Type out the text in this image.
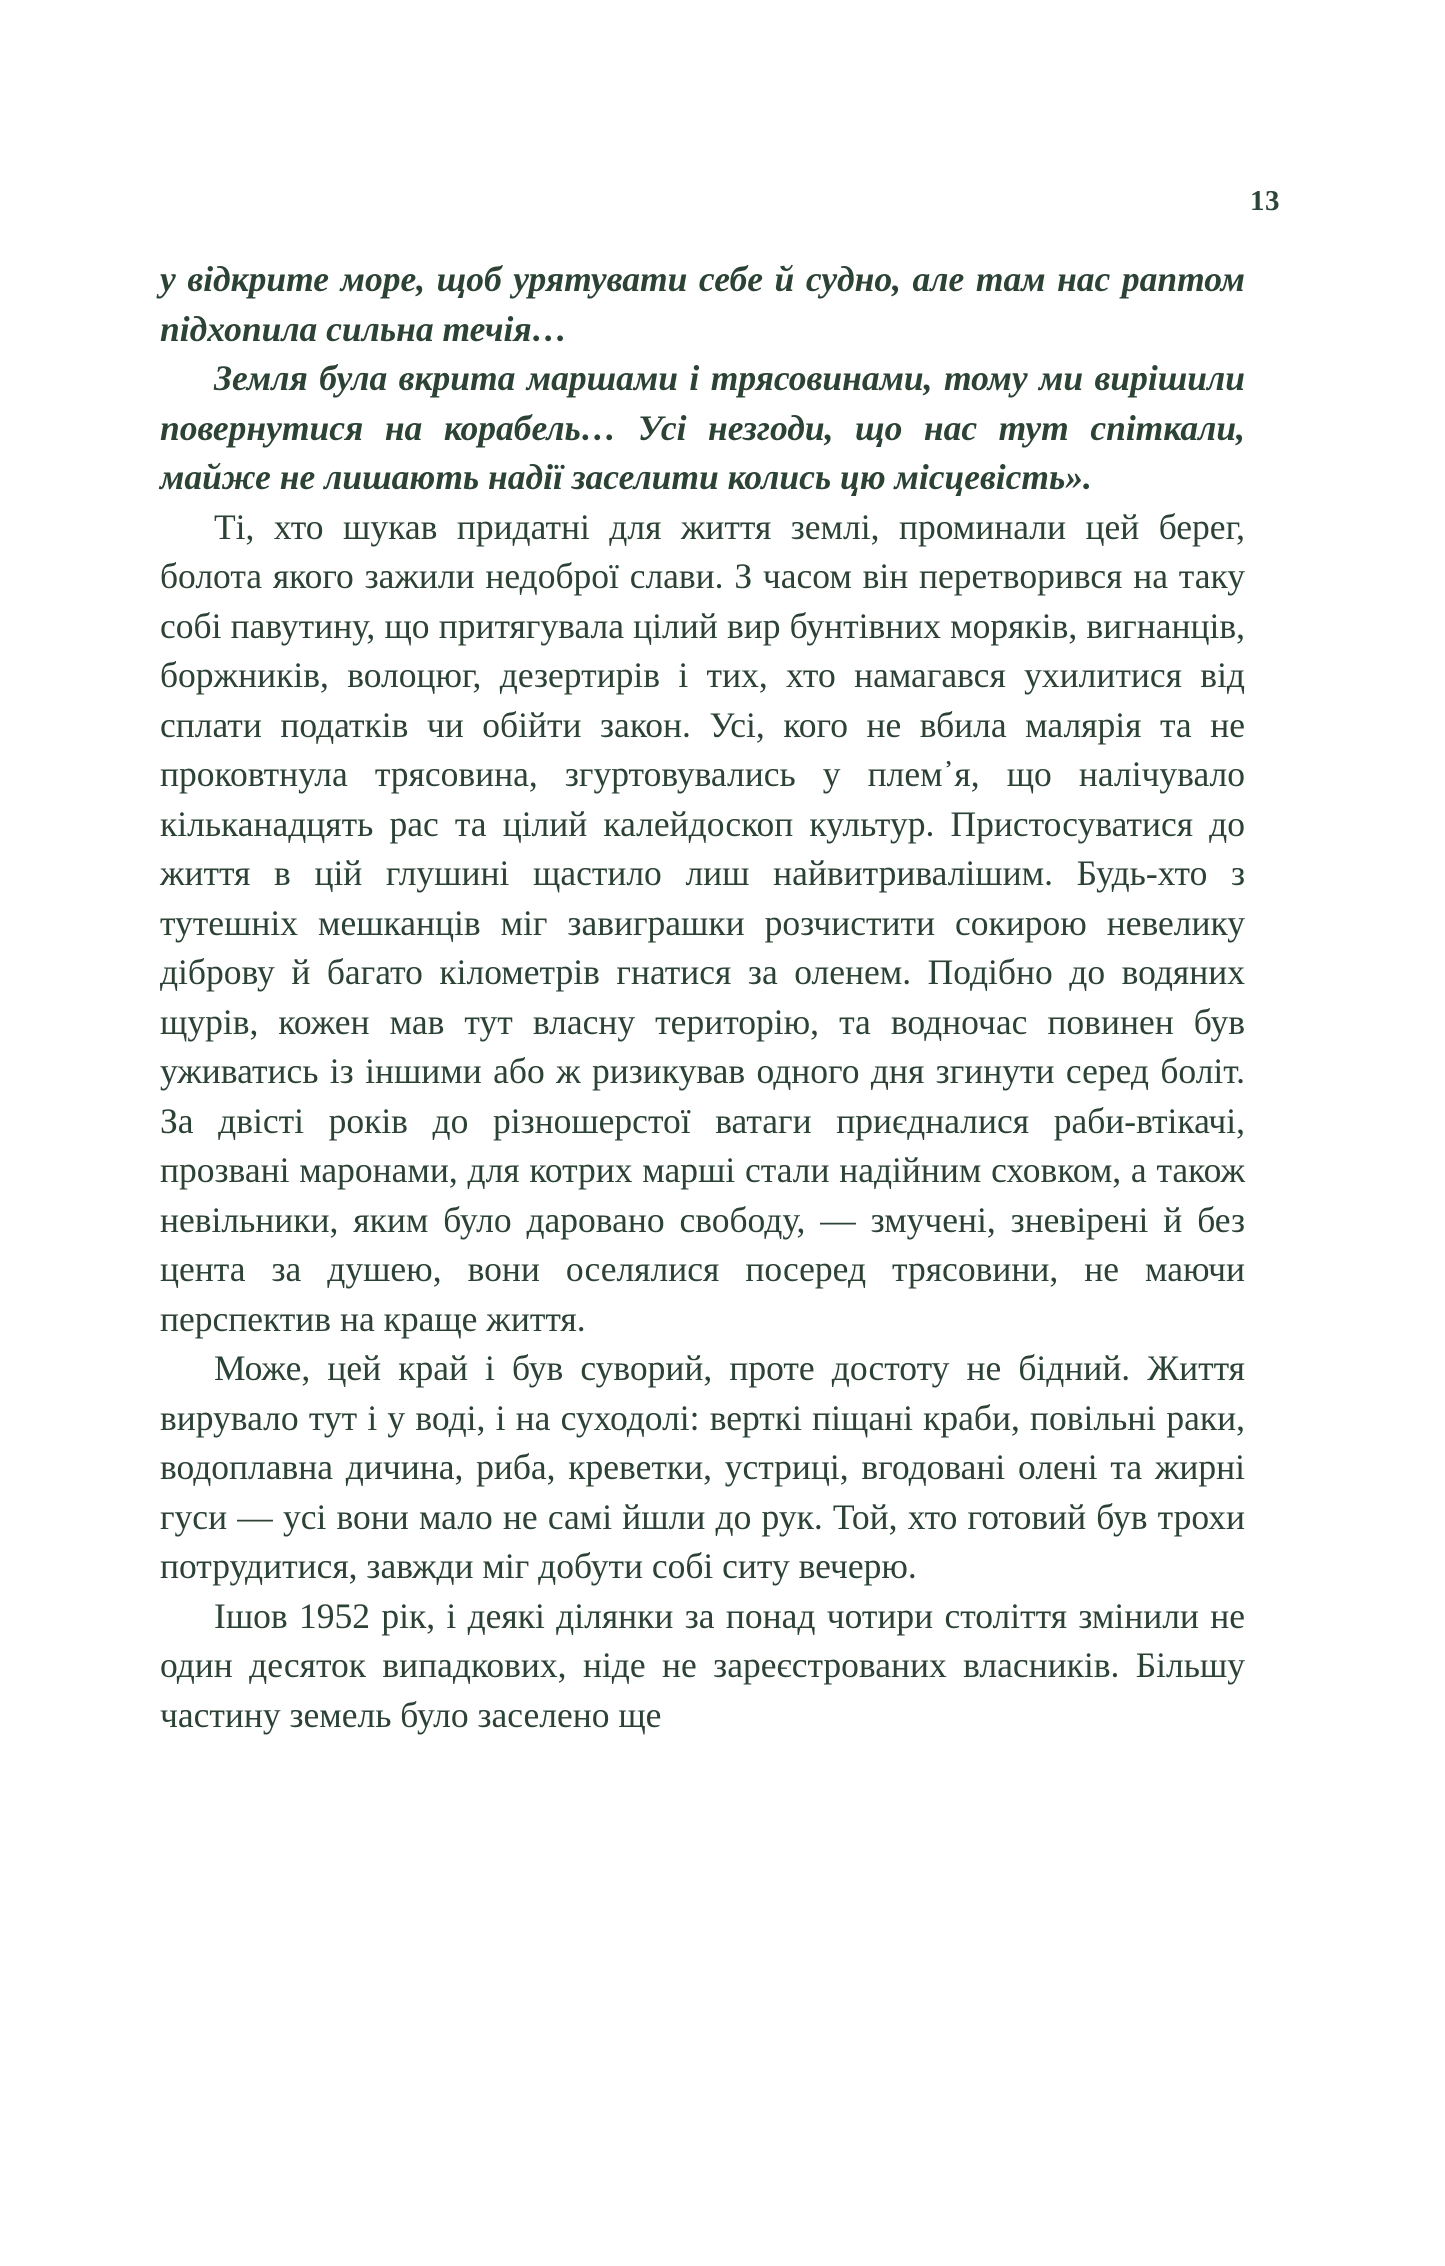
13

у відкрите море, щоб урятувати себе й судно, але там нас раптом підхопила сильна течія…

Земля була вкрита маршами і трясовинами, тому ми вирішили повернутися на корабель… Усі незгоди, що нас тут спіткали, майже не лишають надії заселити колись цю місцевість».

Ті, хто шукав придатні для життя землі, проминали цей берег, болота якого зажили недоброї слави. З часом він перетворився на таку собі павутину, що притягувала цілий вир бунтівних моряків, вигнанців, боржників, волоцюг, дезертирів і тих, хто намагався ухилитися від сплати податків чи обійти закон. Усі, кого не вбила малярія та не проковтнула трясовина, згуртовувались у плем᾽я, що налічувало кільканадцять рас та цілий калейдоскоп культур. Пристосуватися до життя в цій глушині щастило лиш найвитривалішим. Будь-хто з тутешніх мешканців міг завиграшки розчистити сокирою невелику діброву й багато кілометрів гнатися за оленем. Подібно до водяних щурів, кожен мав тут власну територію, та водночас повинен був уживатись із іншими або ж ризикував одного дня згинути серед боліт. За двісті років до різношерстої ватаги приєдналися раби-втікачі, прозвані маронами, для котрих марші стали надійним сховком, а також невільники, яким було даровано свободу, — змучені, зневірені й без цента за душею, вони оселялися посеред трясовини, не маючи перспектив на краще життя.

Може, цей край і був суворий, проте достоту не бідний. Життя вирувало тут і у воді, і на суходолі: верткі піщані краби, повільні раки, водоплавна дичина, риба, креветки, устриці, вгодовані олені та жирні гуси — усі вони мало не самі йшли до рук. Той, хто готовий був трохи потрудитися, завжди міг добути собі ситу вечерю.

Ішов 1952 рік, і деякі ділянки за понад чотири століття змінили не один десяток випадкових, ніде не зареєстрованих власників. Більшу частину земель було заселено ще
